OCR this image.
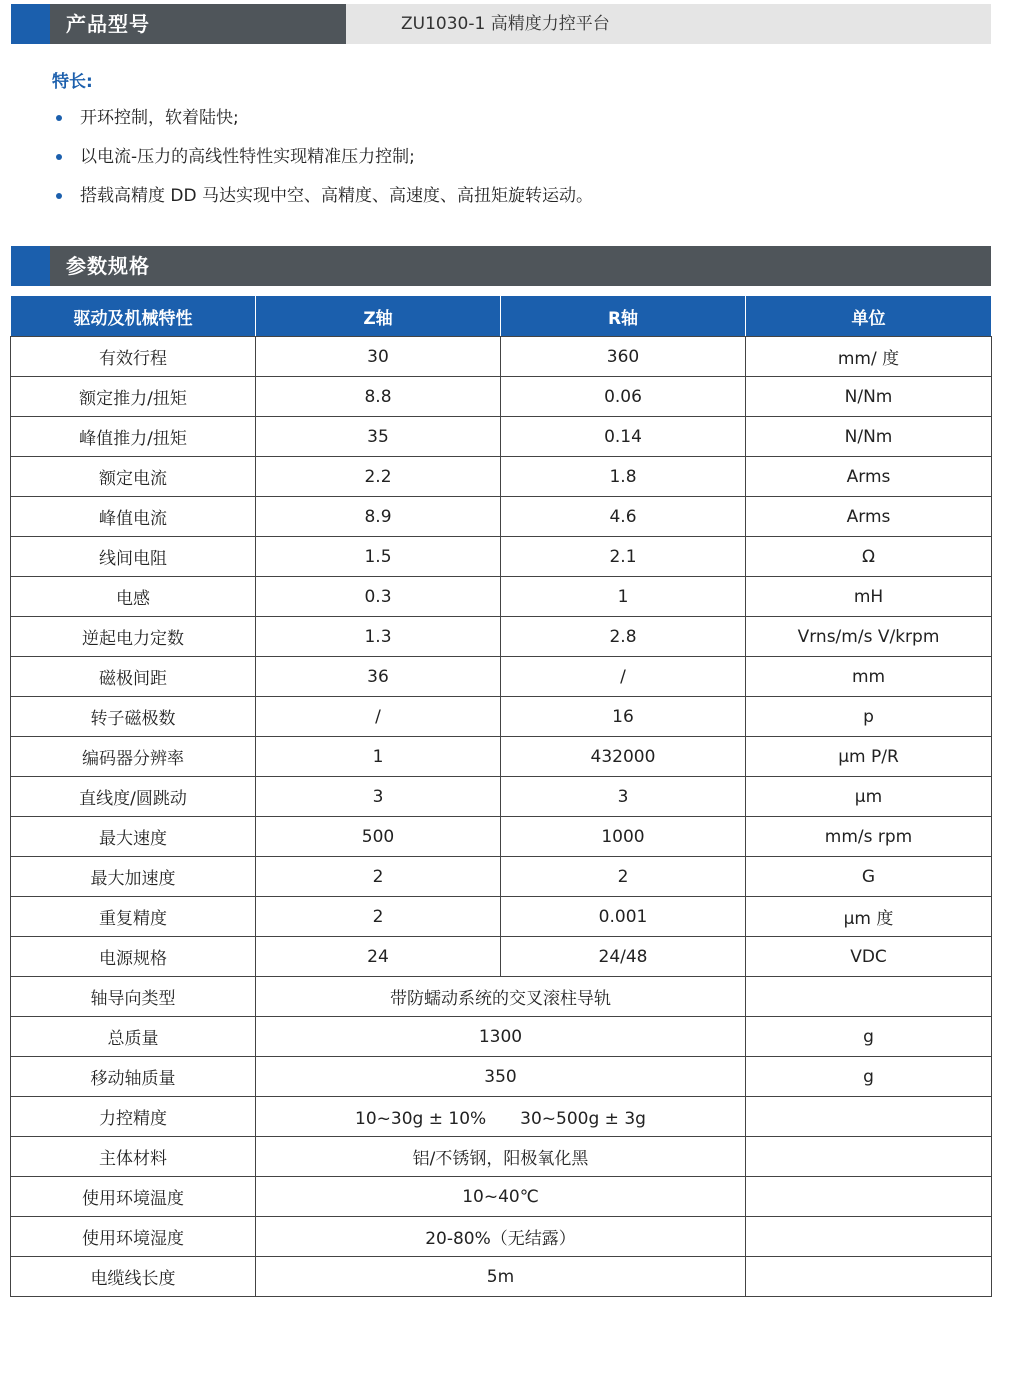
产品型号	ZU1030-1 高精度力控平台
特长:
开环控制，软着陆快;
以电流-压力的高线性特性实现精准压力控制;
搭载高精度 DD 马达实现中空、高精度、高速度、高扭矩旋转运动。
参数规格
驱动及机械特性	Z轴	R轴	单位
有效行程	30	360	mm/ 度
额定推力/扭矩	8.8	0.06	N/Nm
峰值推力/扭矩	35	0.14	N/Nm
额定电流	2.2	1.8	Arms
峰值电流	8.9	4.6	Arms
线间电阻	1.5	2.1	Ω
电感	0.3	1	mH
逆起电力定数	1.3	2.8	Vrns/m/s V/krpm
磁极间距	36	/	mm
转子磁极数	/	16	p
编码器分辨率	1	432000	μm P/R
直线度/圆跳动	3	3	μm
最大速度	500	1000	mm/s rpm
最大加速度	2	2	G
重复精度	2	0.001	μm 度
电源规格	24	24/48	VDC
轴导向类型	带防蠕动系统的交叉滚柱导轨		
总质量	1300		g
移动轴质量	350		g
力控精度	10~30g ± 10%　　30~500g ± 3g		
主体材料	铝/不锈钢，阳极氧化黑		
使用环境温度	10~40℃		
使用环境湿度	20-80%（无结露）		
电缆线长度	5m		
